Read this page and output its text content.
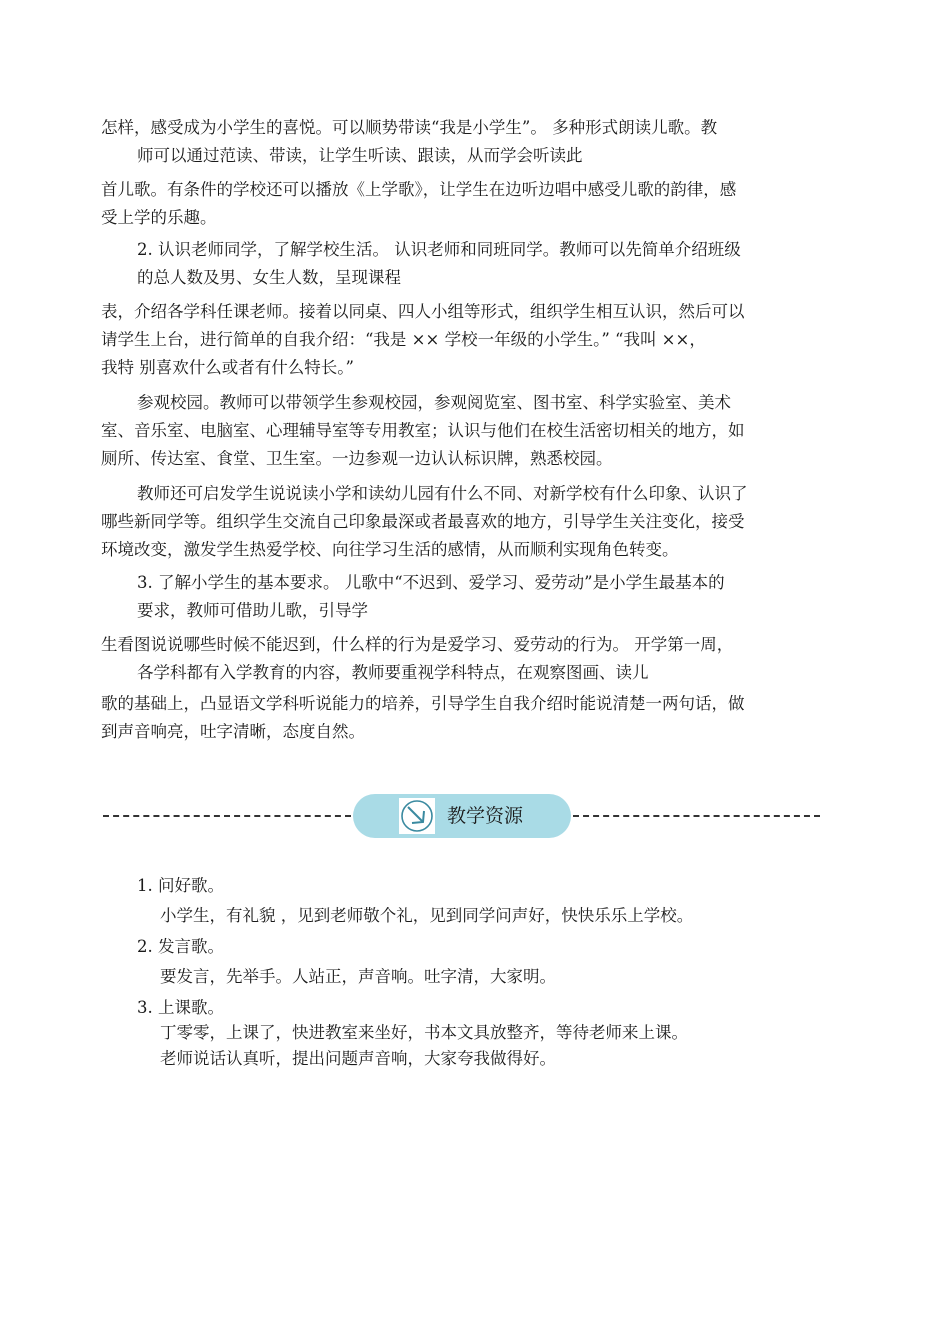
怎样，感受成为小学生的喜悦。可以顺势带读“我是小学生”。 多种形式朗读儿歌。教
师可以通过范读、带读，让学生听读、跟读，从而学会听读此

首儿歌。有条件的学校还可以播放《上学歌》，让学生在边听边唱中感受儿歌的韵律，感
受上学的乐趣。

2. 认识老师同学，了解学校生活。 认识老师和同班同学。教师可以先简单介绍班级
的总人数及男、女生人数，呈现课程

表，介绍各学科任课老师。接着以同桌、四人小组等形式，组织学生相互认识，然后可以
请学生上台，进行简单的自我介绍：“我是 ×× 学校一年级的小学生。” “我叫 ××，
我特 别喜欢什么或者有什么特长。”

参观校园。教师可以带领学生参观校园，参观阅览室、图书室、科学实验室、美术
室、音乐室、电脑室、心理辅导室等专用教室；认识与他们在校生活密切相关的地方，如
厕所、传达室、食堂、卫生室。一边参观一边认认标识牌，熟悉校园。

教师还可启发学生说说读小学和读幼儿园有什么不同、对新学校有什么印象、认识了
哪些新同学等。组织学生交流自己印象最深或者最喜欢的地方，引导学生关注变化，接受
环境改变，激发学生热爱学校、向往学习生活的感情，从而顺利实现角色转变。

3. 了解小学生的基本要求。 儿歌中“不迟到、爱学习、爱劳动”是小学生最基本的
要求，教师可借助儿歌，引导学

生看图说说哪些时候不能迟到，什么样的行为是爱学习、爱劳动的行为。 开学第一周，
各学科都有入学教育的内容，教师要重视学科特点，在观察图画、读儿

歌的基础上，凸显语文学科听说能力的培养，引导学生自我介绍时能说清楚一两句话，做
到声音响亮，吐字清晰，态度自然。

教学资源

1. 问好歌。

小学生，有礼貌 ，见到老师敬个礼，见到同学问声好，快快乐乐上学校。

2. 发言歌。

要发言，先举手。人站正，声音响。吐字清，大家明。

3. 上课歌。

丁零零，上课了，快进教室来坐好，书本文具放整齐，等待老师来上课。
老师说话认真听，提出问题声音响，大家夸我做得好。
